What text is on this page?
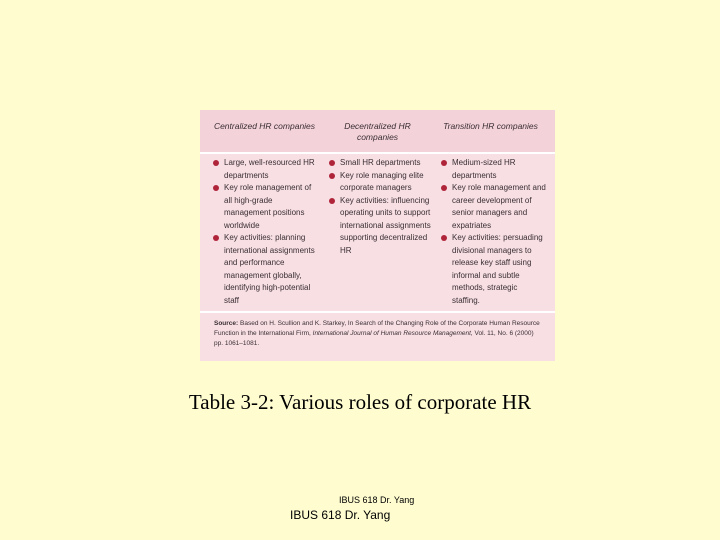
Centralized HR companies	Decentralized HR companies
Transition HR companies
Large, well-resourced HR departments
Key role management of all high-grade management positions worldwide
Key activities: planning international assignments and performance management globally, identifying high-potential staff
Small HR departments
Key role managing elite corporate managers
Key activities: influencing operating units to support international assignments supporting decentralized HR
Medium-sized HR departments
Key role management and career development of senior managers and expatriates
Key activities: persuading divisional managers to release key staff using informal and subtle methods, strategic staffing.
Source: Based on H. Scullion and K. Starkey, In Search of the Changing Role of the Corporate Human Resource Function in the International Firm, International Journal of Human Resource Management, Vol. 11, No. 6 (2000) pp. 1061–1081.
Table 3-2: Various roles of corporate HR
IBUS 618 Dr. Yang
IBUS 618 Dr. Yang
